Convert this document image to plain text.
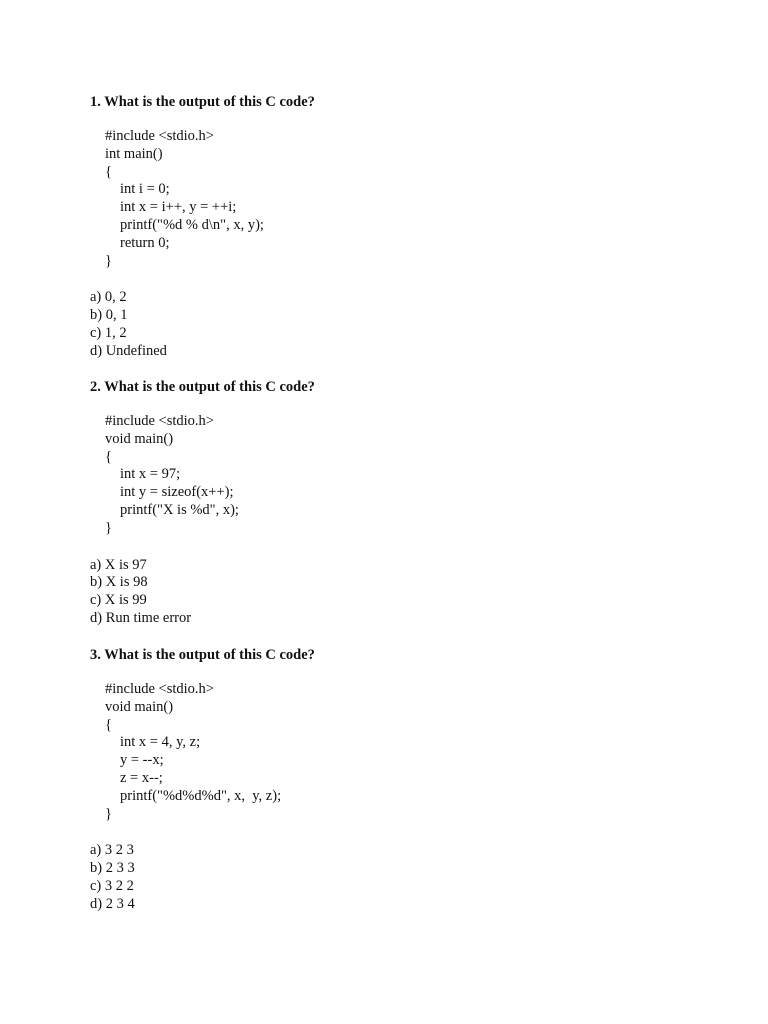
1. What is the output of this C code?
#include <stdio.h>
int main()
{
int i = 0;
int x = i++, y = ++i;
printf("%d % d\n", x, y);
return 0;
}
a) 0, 2
b) 0, 1
c) 1, 2
d) Undefined
2. What is the output of this C code?
#include <stdio.h>
void main()
{
int x = 97;
int y = sizeof(x++);
printf("X is %d", x);
}
a) X is 97
b) X is 98
c) X is 99
d) Run time error
3. What is the output of this C code?
#include <stdio.h>
void main()
{
int x = 4, y, z;
y = --x;
z = x--;
printf("%d%d%d", x,  y, z);
}
a) 3 2 3
b) 2 3 3
c) 3 2 2
d) 2 3 4
